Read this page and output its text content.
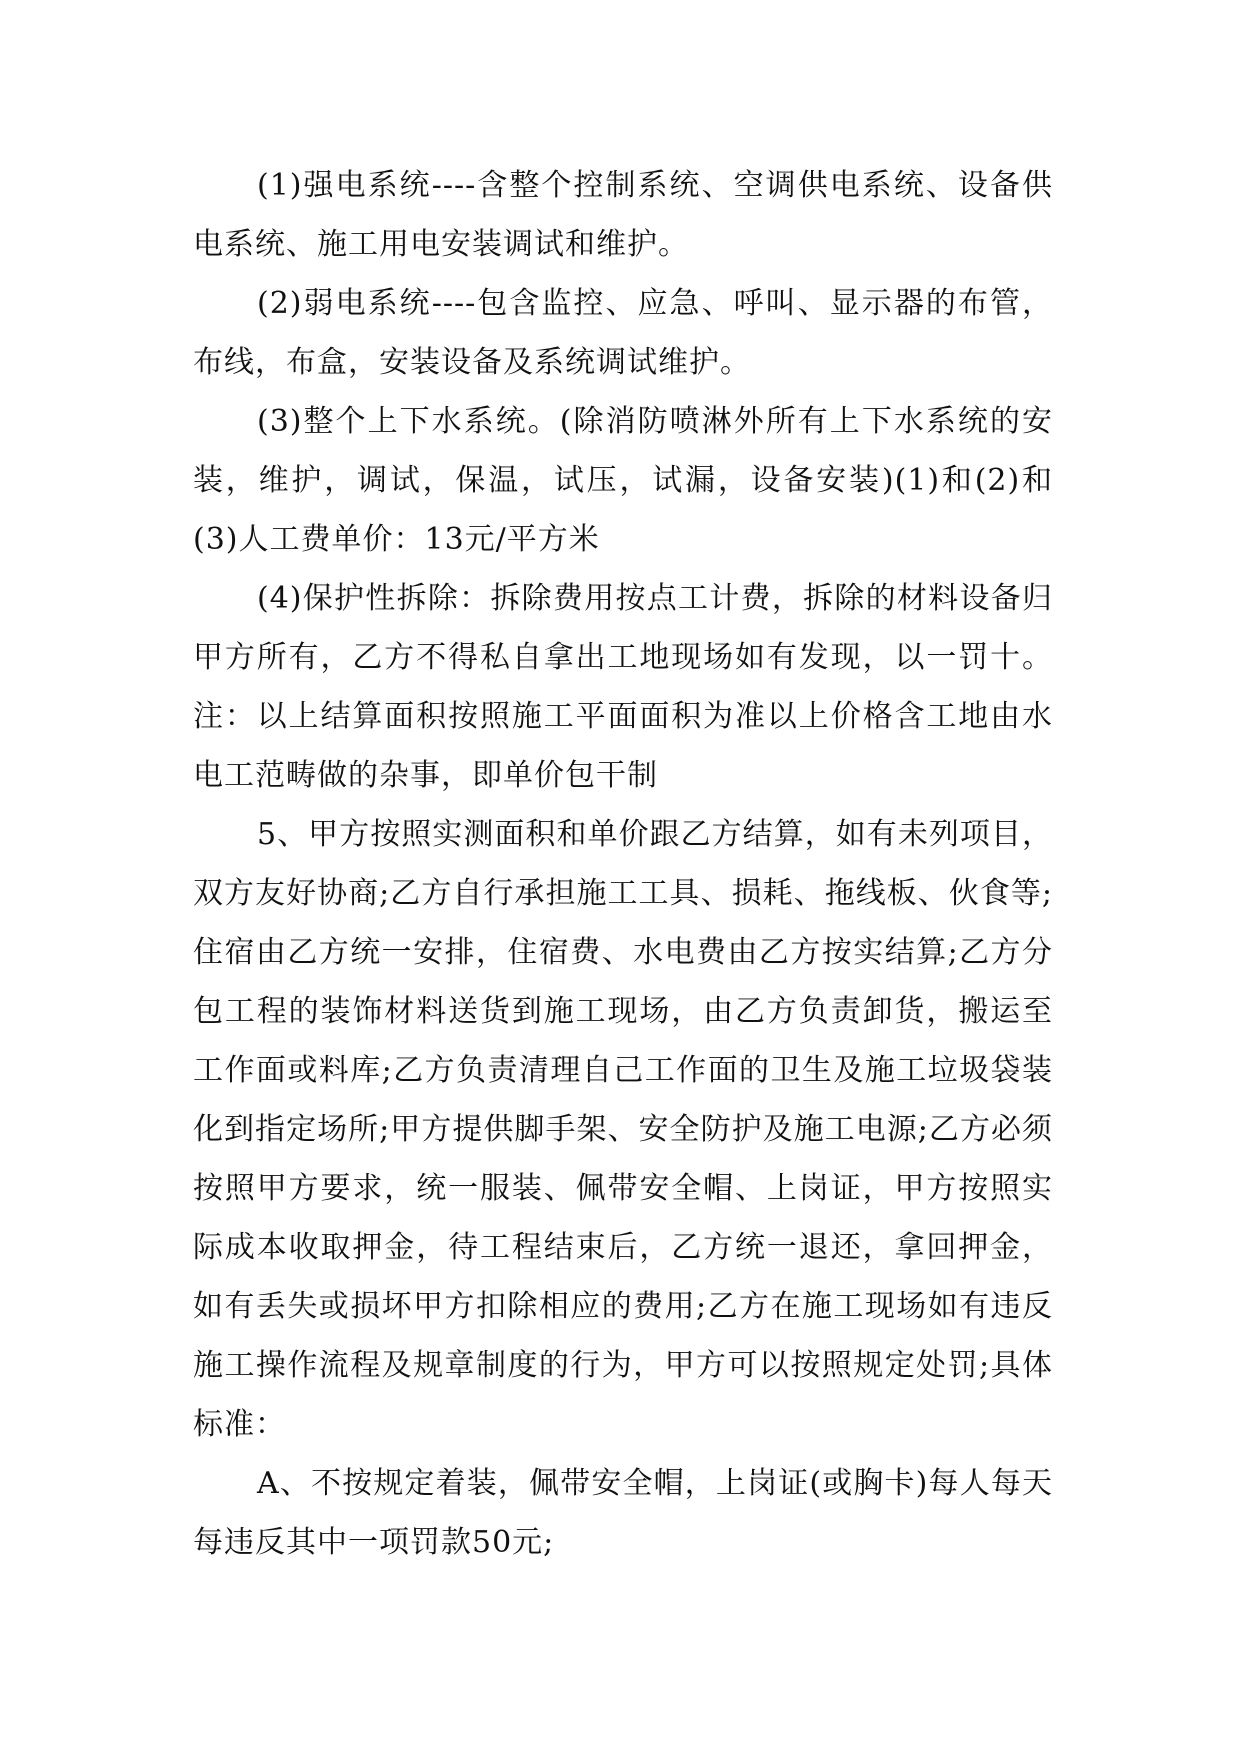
(1)强电系统----含整个控制系统、空调供电系统、设备供电系统、施工用电安装调试和维护。

(2)弱电系统----包含监控、应急、呼叫、显示器的布管，布线，布盒，安装设备及系统调试维护。

(3)整个上下水系统。(除消防喷淋外所有上下水系统的安装，维护，调试，保温，试压，试漏，设备安装)(1)和(2)和(3)人工费单价：13元/平方米

(4)保护性拆除：拆除费用按点工计费，拆除的材料设备归甲方所有，乙方不得私自拿出工地现场如有发现，以一罚十。注：以上结算面积按照施工平面面积为准以上价格含工地由水电工范畴做的杂事，即单价包干制

5、甲方按照实测面积和单价跟乙方结算，如有未列项目，双方友好协商;乙方自行承担施工工具、损耗、拖线板、伙食等;住宿由乙方统一安排，住宿费、水电费由乙方按实结算;乙方分包工程的装饰材料送货到施工现场，由乙方负责卸货，搬运至工作面或料库;乙方负责清理自己工作面的卫生及施工垃圾袋装化到指定场所;甲方提供脚手架、安全防护及施工电源;乙方必须按照甲方要求，统一服装、佩带安全帽、上岗证，甲方按照实际成本收取押金，待工程结束后，乙方统一退还，拿回押金，如有丢失或损坏甲方扣除相应的费用;乙方在施工现场如有违反施工操作流程及规章制度的行为，甲方可以按照规定处罚;具体标准：

A、不按规定着装，佩带安全帽，上岗证(或胸卡)每人每天每违反其中一项罚款50元;
